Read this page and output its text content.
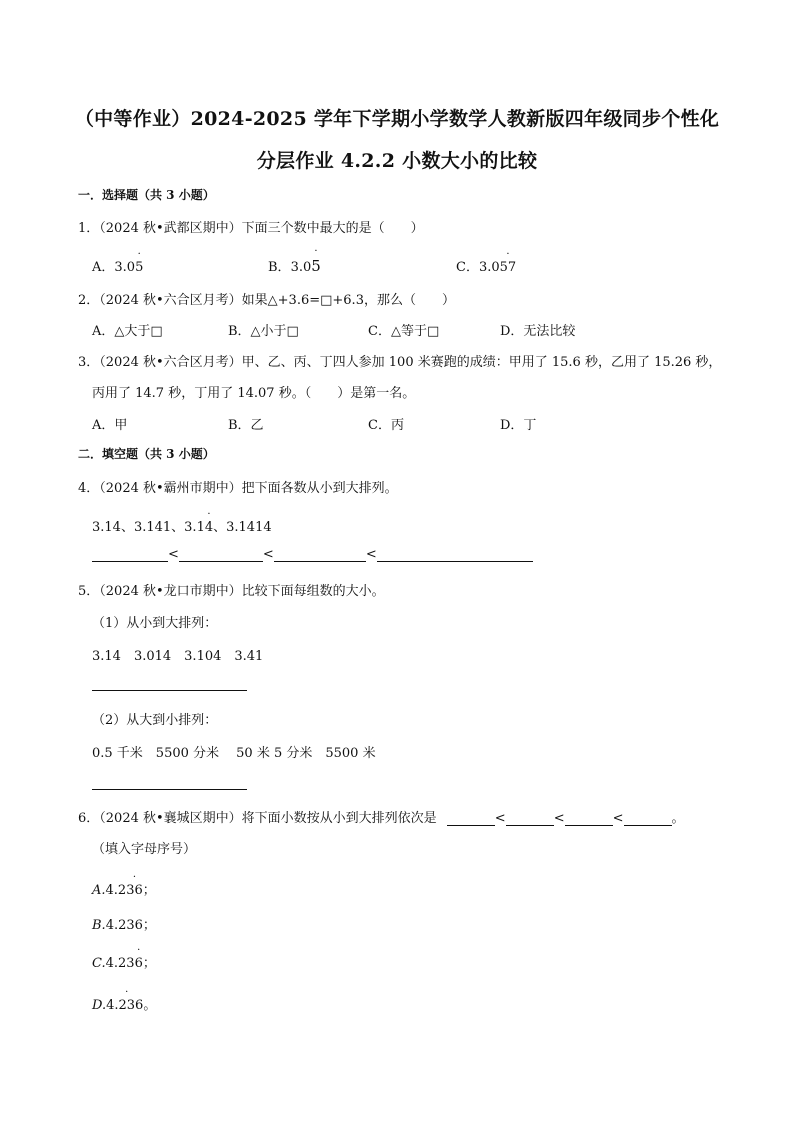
（中等作业）2024-2025 学年下学期小学数学人教新版四年级同步个性化
分层作业 4.2.2 小数大小的比较
一．选择题（共 3 小题）
1．（2024 秋•武都区期中）下面三个数中最大的是（　　）
A．3.0· 5	B．3.0· 5	C．3.0· 57
2．（2024 秋•六合区月考）如果△+3.6=□+6.3，那么（　　）
A．△大于□	B．△小于□	C．△等于□	D．无法比较
3．（2024 秋•六合区月考）甲、乙、丙、丁四人参加 100 米赛跑的成绩：甲用了 15.6 秒，乙用了 15.26 秒，
丙用了 14.7 秒，丁用了 14.07 秒。（　　）是第一名。
A．甲	B．乙	C．丙	D．丁
二．填空题（共 3 小题）
4．（2024 秋•霸州市期中）把下面各数从小到大排列。
3.14、3.141、3.1· 4、3.1414
<	<	<
5．（2024 秋•龙口市期中）比较下面每组数的大小。
（1）从小到大排列：
3.14　3.014　3.104　3.41
（2）从大到小排列：
0.5 千米　5500 分米　 50 米 5 分米　5500 米
6．（2024 秋•襄城区期中）将下面小数按从小到大排列依次是	<	<	<	。
（填入字母序号）
A.4.2· 36；
B.4.236；
C.4.23· 6；
D.4.· 236。
